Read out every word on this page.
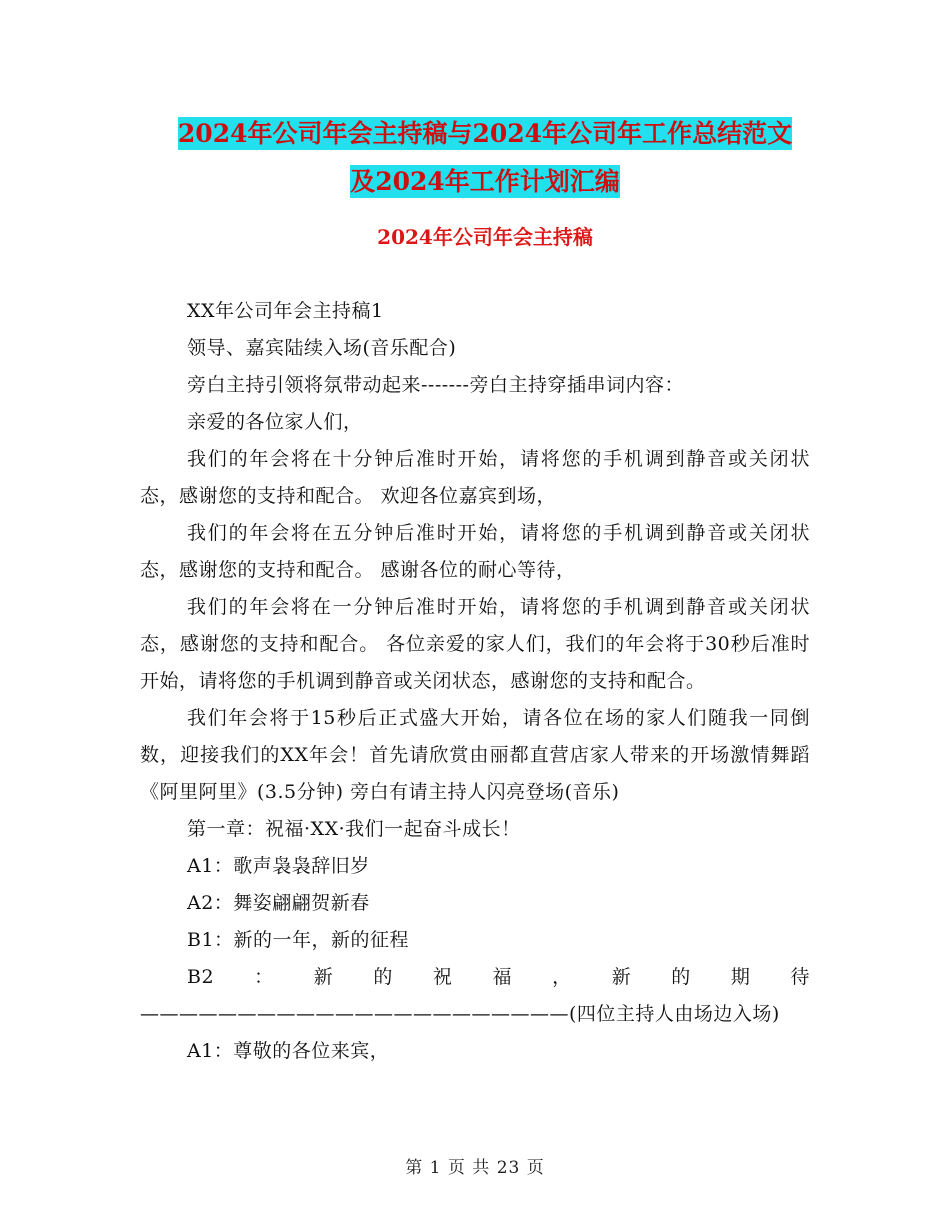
2024年公司年会主持稿与2024年公司年工作总结范文
及2024年工作计划汇编
2024年公司年会主持稿

XX年公司年会主持稿1

领导、嘉宾陆续入场(音乐配合)

旁白主持引领将氛带动起来-------旁白主持穿插串词内容：

亲爱的各位家人们，

我们的年会将在十分钟后准时开始，请将您的手机调到静音或关闭状态，感谢您的支持和配合。 欢迎各位嘉宾到场，

我们的年会将在五分钟后准时开始，请将您的手机调到静音或关闭状态，感谢您的支持和配合。 感谢各位的耐心等待，

我们的年会将在一分钟后准时开始，请将您的手机调到静音或关闭状态，感谢您的支持和配合。 各位亲爱的家人们，我们的年会将于30秒后准时开始，请将您的手机调到静音或关闭状态，感谢您的支持和配合。

我们年会将于15秒后正式盛大开始，请各位在场的家人们随我一同倒数，迎接我们的XX年会！首先请欣赏由丽都直营店家人带来的开场激情舞蹈《阿里阿里》(3.5分钟) 旁白有请主持人闪亮登场(音乐)

第一章：祝福·XX·我们一起奋斗成长！

A1：歌声袅袅辞旧岁

A2：舞姿翩翩贺新春

B1：新的一年，新的征程

B2：新的祝福，新的期待——————————————————————(四位主持人由场边入场)

A1：尊敬的各位来宾，

第 1 页 共 23 页
